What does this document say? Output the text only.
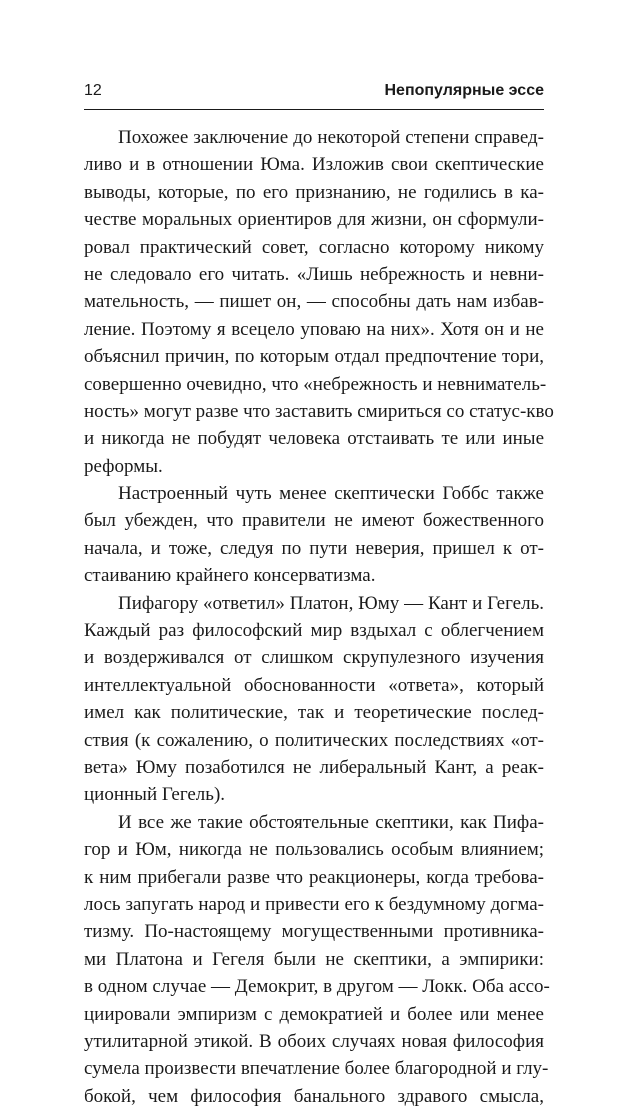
12	Непопулярные эссе
Похожее заключение до некоторой степени справед-
ливо и в отношении Юма. Изложив свои скептические
выводы, которые, по его признанию, не годились в ка-
честве моральных ориентиров для жизни, он сформули-
ровал практический совет, согласно которому никому
не следовало его читать. «Лишь небрежность и невни-
мательность, — пишет он, — способны дать нам избав-
ление. Поэтому я всецело уповаю на них». Хотя он и не
объяснил причин, по которым отдал предпочтение тори,
совершенно очевидно, что «небрежность и невниматель-
ность» могут разве что заставить смириться со статус-кво
и никогда не побудят человека отстаивать те или иные
реформы.
Настроенный чуть менее скептически Гоббс также
был убежден, что правители не имеют божественного
начала, и тоже, следуя по пути неверия, пришел к от-
стаиванию крайнего консерватизма.
Пифагору «ответил» Платон, Юму — Кант и Гегель.
Каждый раз философский мир вздыхал с облегчением
и воздерживался от слишком скрупулезного изучения
интеллектуальной обоснованности «ответа», который
имел как политические, так и теоретические послед-
ствия (к сожалению, о политических последствиях «от-
вета» Юму позаботился не либеральный Кант, а реак-
ционный Гегель).
И все же такие обстоятельные скептики, как Пифа-
гор и Юм, никогда не пользовались особым влиянием;
к ним прибегали разве что реакционеры, когда требова-
лось запугать народ и привести его к бездумному догма-
тизму. По-настоящему могущественными противника-
ми Платона и Гегеля были не скептики, а эмпирики:
в одном случае — Демокрит, в другом — Локк. Оба ассо-
циировали эмпиризм с демократией и более или менее
утилитарной этикой. В обоих случаях новая философия
сумела произвести впечатление более благородной и глу-
бокой, чем философия банального здравого смысла,
